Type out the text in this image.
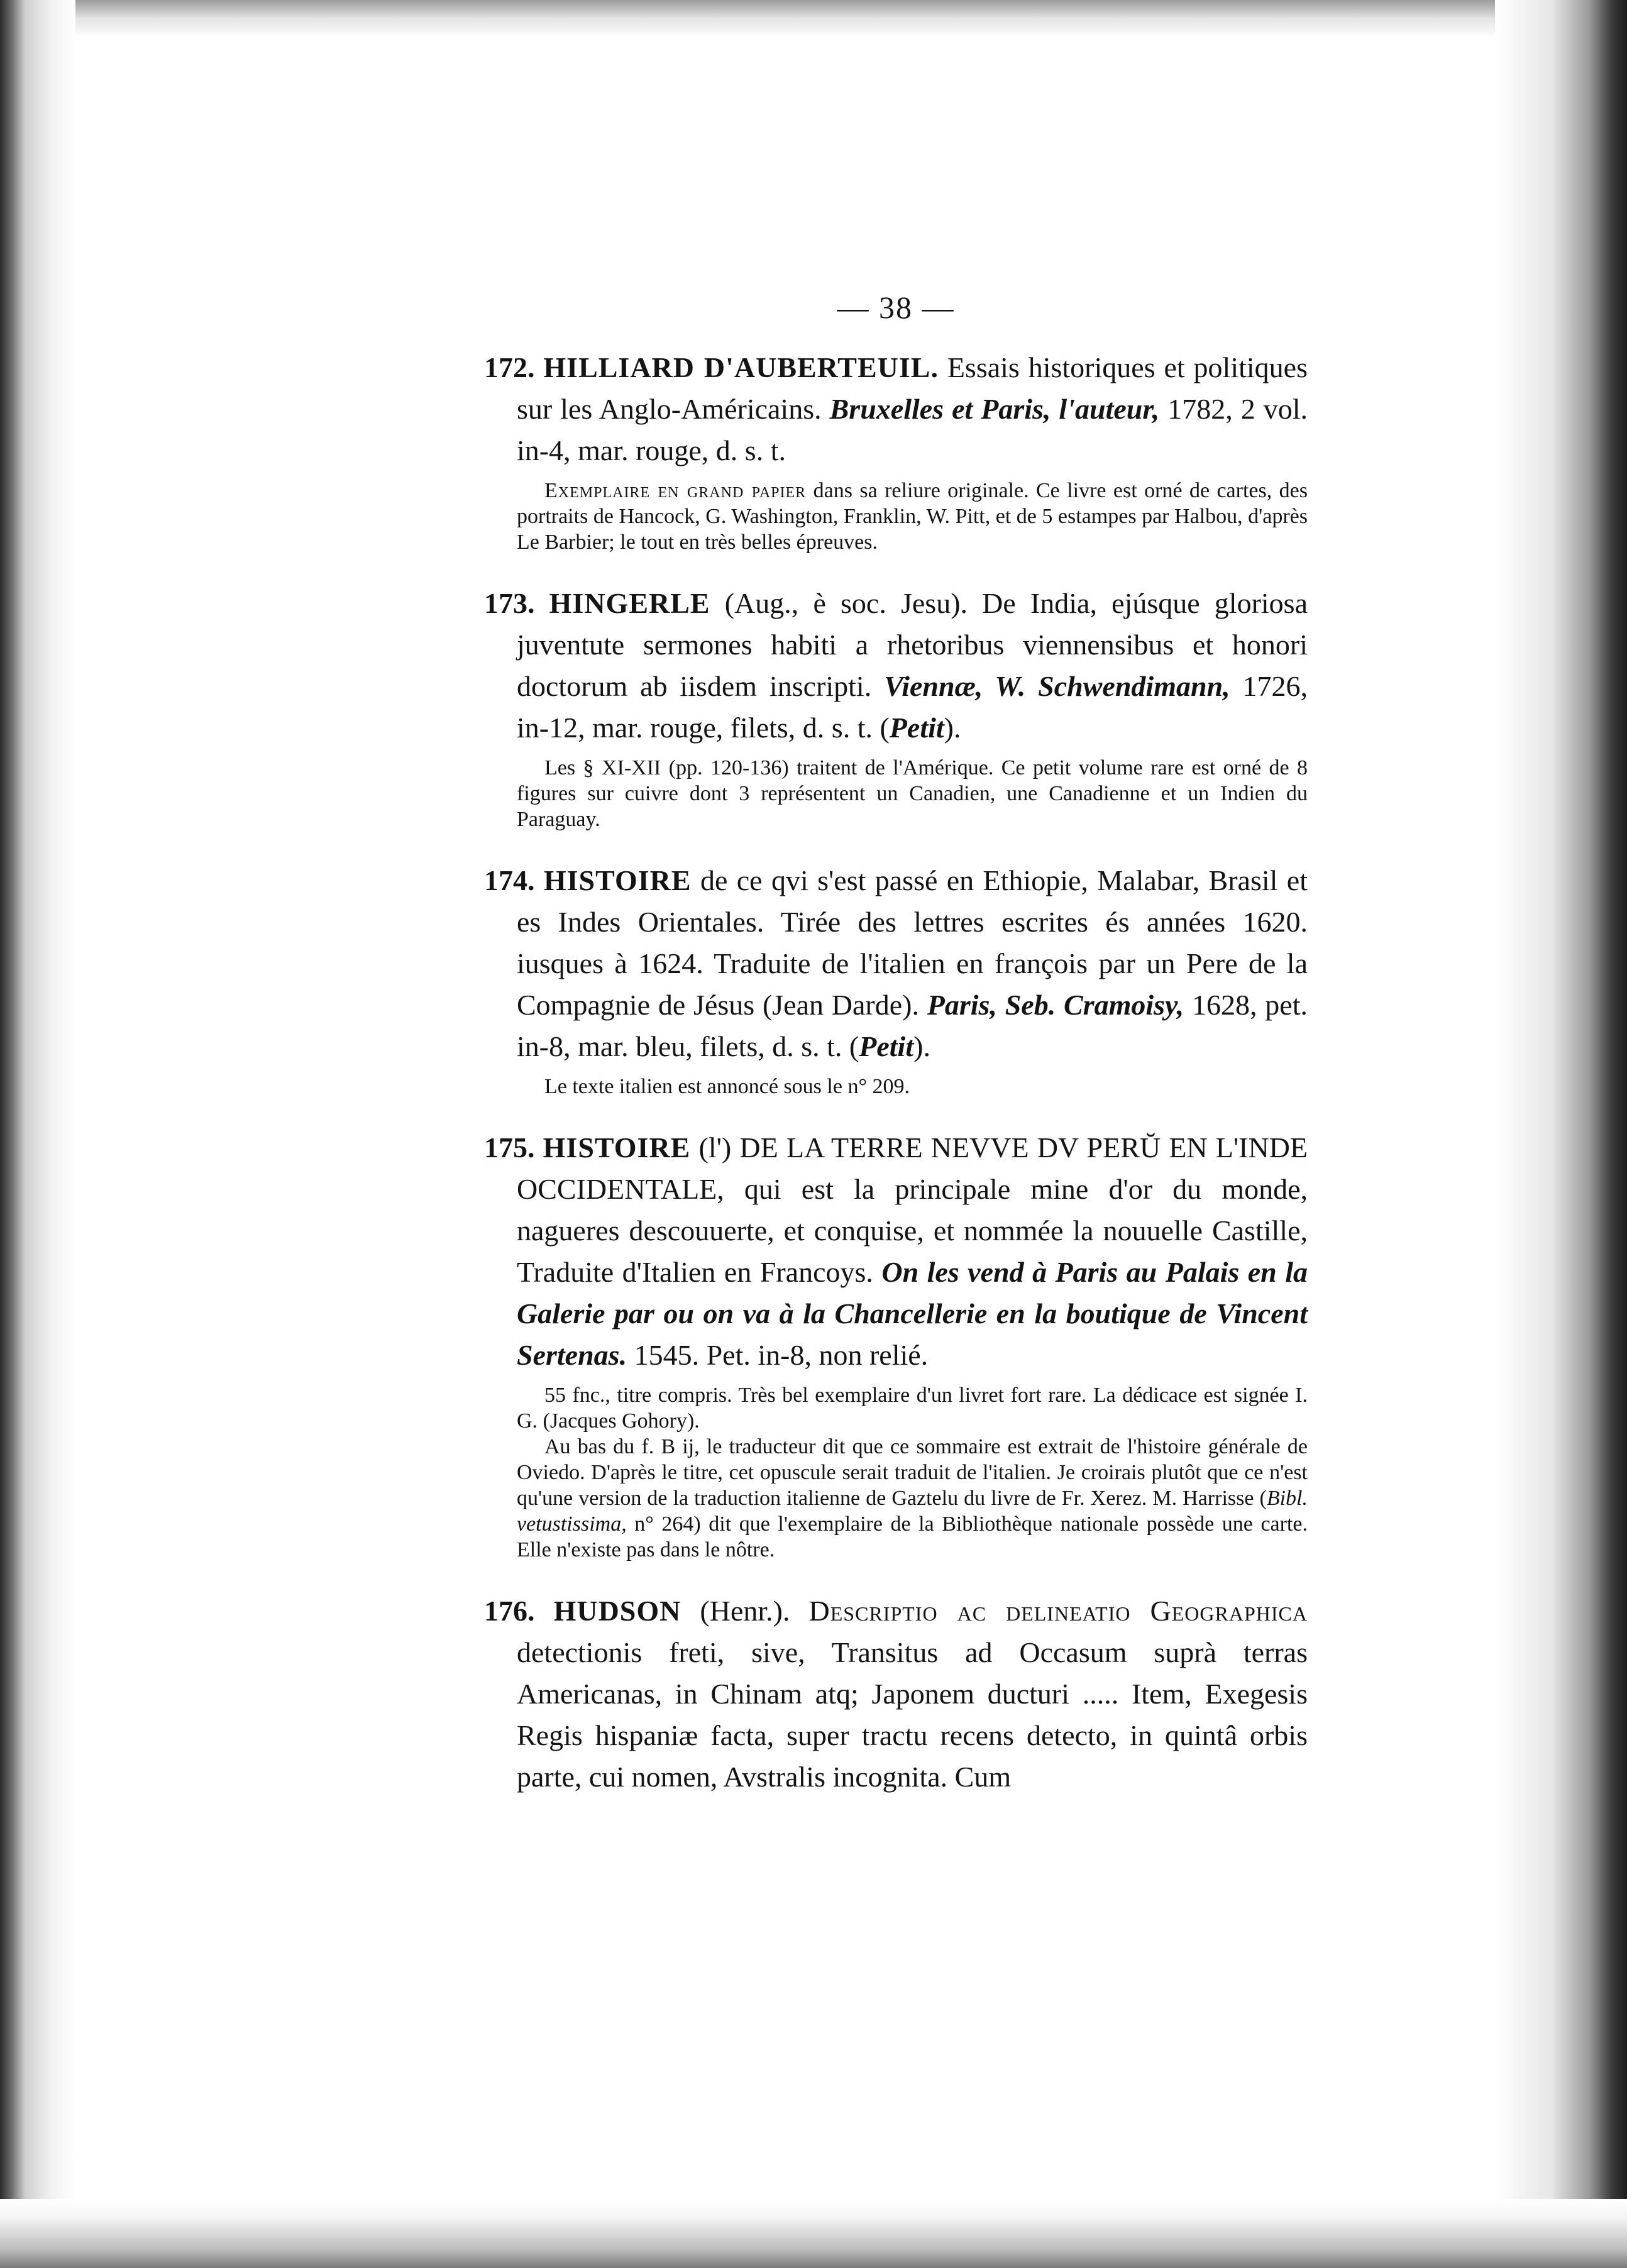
— 38 —

172. HILLIARD D'AUBERTEUIL. Essais historiques et politiques sur les Anglo-Américains. Bruxelles et Paris, l'auteur, 1782, 2 vol. in-4, mar. rouge, d. s. t.

Exemplaire en grand papier dans sa reliure originale. Ce livre est orné de cartes, des portraits de Hancock, G. Washington, Franklin, W. Pitt, et de 5 estampes par Halbou, d'après Le Barbier; le tout en très belles épreuves.

173. HINGERLE (Aug., è soc. Jesu). De India, ejúsque gloriosa juventute sermones habiti a rhetoribus viennensibus et honori doctorum ab iisdem inscripti. Viennæ, W. Schwendimann, 1726, in-12, mar. rouge, filets, d. s. t. (Petit).

Les § XI-XII (pp. 120-136) traitent de l'Amérique. Ce petit volume rare est orné de 8 figures sur cuivre dont 3 représentent un Canadien, une Canadienne et un Indien du Paraguay.

174. HISTOIRE de ce qvi s'est passé en Ethiopie, Malabar, Brasil et es Indes Orientales. Tirée des lettres escrites és années 1620. iusques à 1624. Traduite de l'italien en françois par un Pere de la Compagnie de Jésus (Jean Darde). Paris, Seb. Cramoisy, 1628, pet. in-8, mar. bleu, filets, d. s. t. (Petit).

Le texte italien est annoncé sous le n° 209.

175. HISTOIRE (l') DE LA TERRE NEVVE DV PERŬ EN L'INDE OCCIDENTALE, qui est la principale mine d'or du monde, nagueres descouuerte, et conquise, et nommée la nouuelle Castille, Traduite d'Italien en Francoys. On les vend à Paris au Palais en la Galerie par ou on va à la Chancellerie en la boutique de Vincent Sertenas. 1545. Pet. in-8, non relié.

55 fnc., titre compris. Très bel exemplaire d'un livret fort rare. La dédicace est signée I. G. (Jacques Gohory).

Au bas du f. B ij, le traducteur dit que ce sommaire est extrait de l'histoire générale de Oviedo. D'après le titre, cet opuscule serait traduit de l'italien. Je croirais plutôt que ce n'est qu'une version de la traduction italienne de Gaztelu du livre de Fr. Xerez. M. Harrisse (Bibl. vetustissima, n° 264) dit que l'exemplaire de la Bibliothèque nationale possède une carte. Elle n'existe pas dans le nôtre.

176. HUDSON (Henr.). Descriptio ac delineatio Geographica detectionis freti, sive, Transitus ad Occasum suprà terras Americanas, in Chinam atq; Japonem ducturi ..... Item, Exegesis Regis hispaniæ facta, super tractu recens detecto, in quintâ orbis parte, cui nomen, Avstralis incognita. Cum
